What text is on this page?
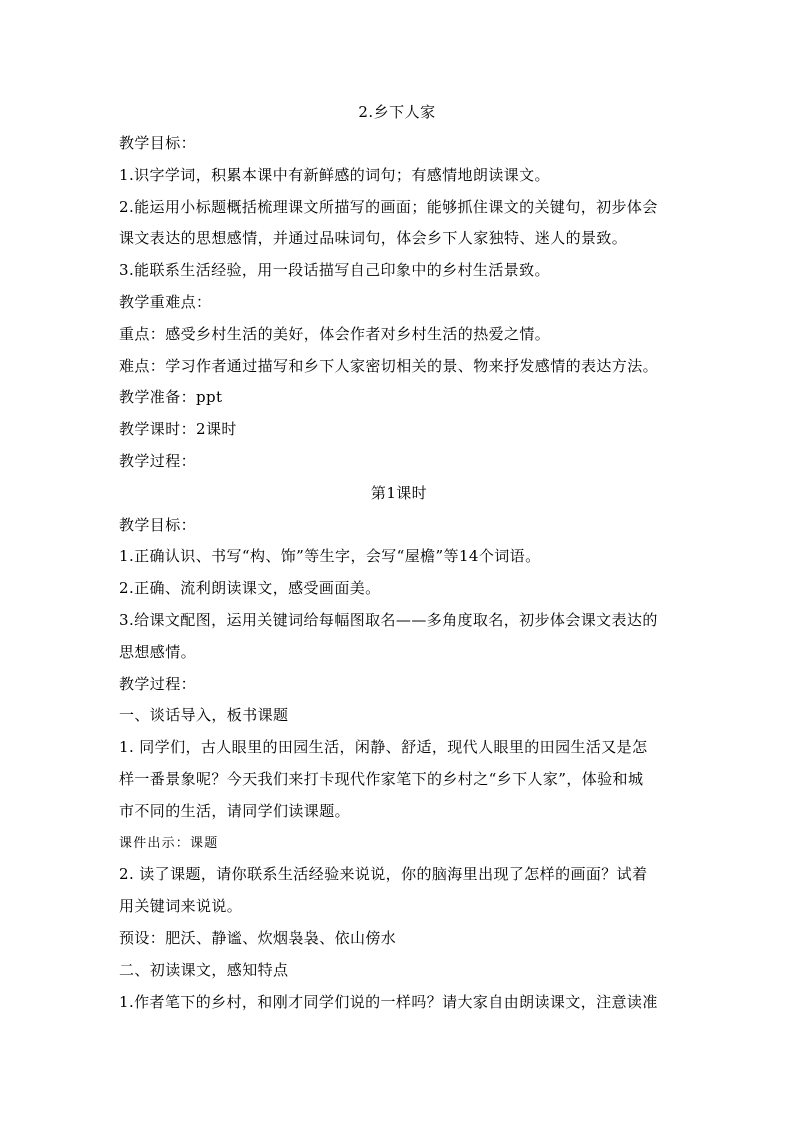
2.乡下人家

教学目标：

1.识字学词，积累本课中有新鲜感的词句；有感情地朗读课文。

2.能运用小标题概括梳理课文所描写的画面；能够抓住课文的关键句，初步体会

课文表达的思想感情，并通过品味词句，体会乡下人家独特、迷人的景致。

3.能联系生活经验，用一段话描写自己印象中的乡村生活景致。

教学重难点：

重点：感受乡村生活的美好，体会作者对乡村生活的热爱之情。

难点：学习作者通过描写和乡下人家密切相关的景、物来抒发感情的表达方法。

教学准备：ppt

教学课时：2课时

教学过程：

第1课时

教学目标：

1.正确认识、书写“构、饰”等生字，会写“屋檐”等14个词语。

2.正确、流利朗读课文，感受画面美。

3.给课文配图，运用关键词给每幅图取名——多角度取名，初步体会课文表达的

思想感情。

教学过程：

一、谈话导入，板书课题

1. 同学们，古人眼里的田园生活，闲静、舒适，现代人眼里的田园生活又是怎

样一番景象呢？今天我们来打卡现代作家笔下的乡村之“乡下人家”，体验和城

市不同的生活，请同学们读课题。

课件出示：课题

2. 读了课题，请你联系生活经验来说说，你的脑海里出现了怎样的画面？试着

用关键词来说说。

预设：肥沃、静谧、炊烟袅袅、依山傍水

二、初读课文，感知特点

1.作者笔下的乡村，和刚才同学们说的一样吗？请大家自由朗读课文，注意读准
